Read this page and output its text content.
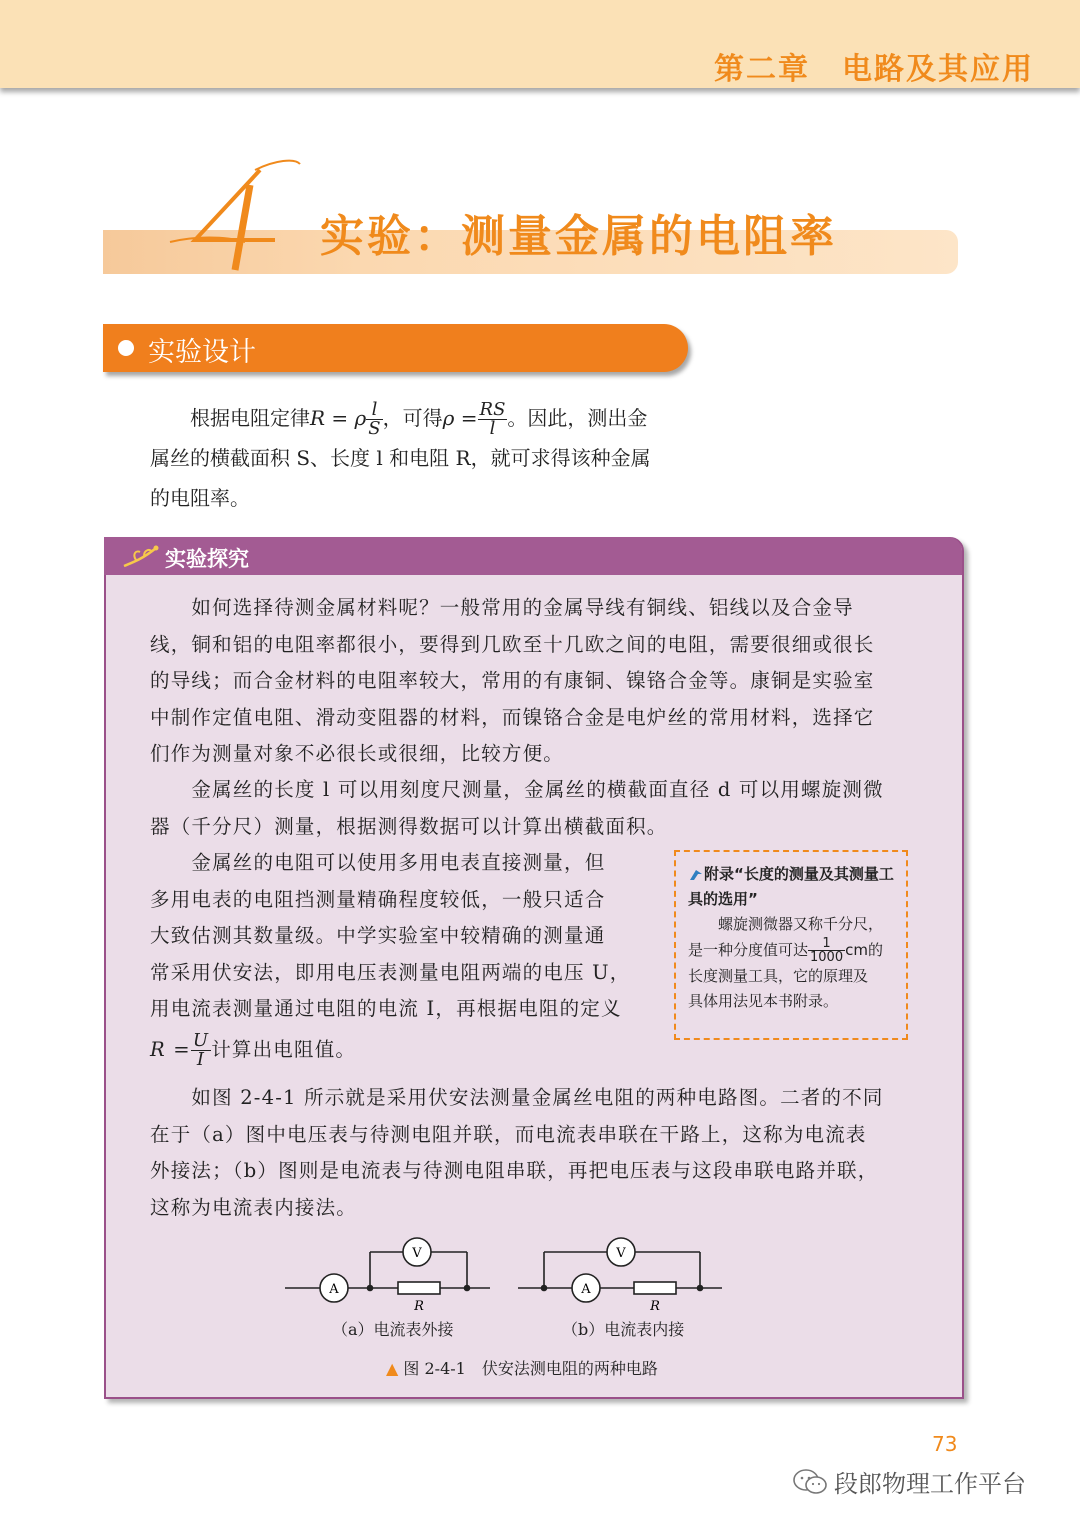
第二章　电路及其应用
实验：测量金属的电阻率
实验设计

　　根据电阻定律R = ρ $\frac{l}{S}$ ，可得$\rho = \frac{RS}{l}$ 。因此，测出金

属丝的横截面积 S、长度 l 和电阻 R，就可求得该种金属

的电阻率。

实验探究

　　如何选择待测金属材料呢？一般常用的金属导线有铜线、铝线以及合金导

线，铜和铝的电阻率都很小，要得到几欧至十几欧之间的电阻，需要很细或很长

的导线；而合金材料的电阻率较大，常用的有康铜、镍铬合金等。康铜是实验室

中制作定值电阻、滑动变阻器的材料，而镍铬合金是电炉丝的常用材料，选择它

们作为测量对象不必很长或很细，比较方便。

　　金属丝的长度 l 可以用刻度尺测量，金属丝的横截面直径 d 可以用螺旋测微

器（千分尺）测量，根据测得数据可以计算出横截面积。

　　金属丝的电阻可以使用多用电表直接测量，但

多用电表的电阻挡测量精确程度较低，一般只适合

大致估测其数量级。中学实验室中较精确的测量通

常采用伏安法，即用电压表测量电阻两端的电压 U，

用电流表测量通过电阻的电流 I，再根据电阻的定义

$R = \frac{U}{I}$ 计算出电阻值。

附录“长度的测量及其测量工具的选用”
　　螺旋测微器又称千分尺，
是一种分度值可达 $\frac{1}{1000}$ cm的
长度测量工具，它的原理及
具体用法见本书附录。

　　如图 2-4-1 所示就是采用伏安法测量金属丝电阻的两种电路图。二者的不同

在于（a）图中电压表与待测电阻并联，而电流表串联在干路上，这称为电流表

外接法；（b）图则是电流表与待测电阻串联，再把电压表与这段串联电路并联，

这称为电流表内接法。

A
V
R
A
V
R
（a）电流表外接	（b）电流表内接
▲ 图 2-4-1　伏安法测电阻的两种电路
73
段郎物理工作平台
